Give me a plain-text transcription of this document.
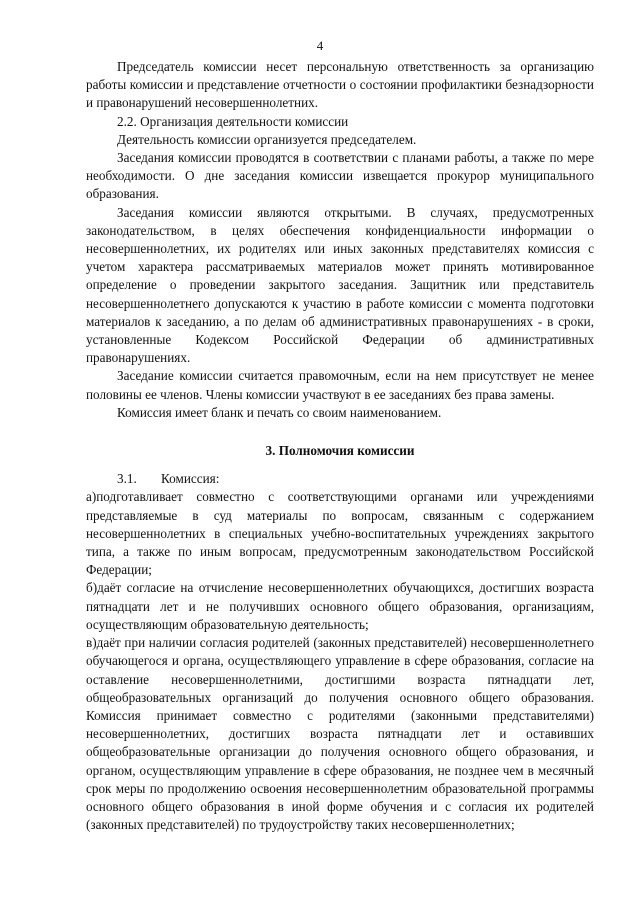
4

Председатель комиссии несет персональную ответственность за организацию работы комиссии и представление отчетности о состоянии профилактики безнадзорности и правонарушений несовершеннолетних.

2.2. Организация деятельности комиссии

Деятельность комиссии организуется председателем.

Заседания комиссии проводятся в соответствии с планами работы, а также по мере необходимости. О дне заседания комиссии извещается прокурор муниципального образования.

Заседания комиссии являются открытыми. В случаях, предусмотренных законодательством, в целях обеспечения конфиденциальности информации о несовершеннолетних, их родителях или иных законных представителях комиссия с учетом характера рассматриваемых материалов может принять мотивированное определение о проведении закрытого заседания. Защитник или представитель несовершеннолетнего допускаются к участию в работе комиссии с момента подготовки материалов к заседанию, а по делам об административных правонарушениях - в сроки, установленные Кодексом Российской Федерации об административных правонарушениях.

Заседание комиссии считается правомочным, если на нем присутствует не менее половины ее членов. Члены комиссии участвуют в ее заседаниях без права замены.

Комиссия имеет бланк и печать со своим наименованием.

3. Полномочия комиссии

3.1. Комиссия:

а)подготавливает совместно с соответствующими органами или учреждениями представляемые в суд материалы по вопросам, связанным с содержанием несовершеннолетних в специальных учебно-воспитательных учреждениях закрытого типа, а также по иным вопросам, предусмотренным законодательством Российской Федерации;

б)даёт согласие на отчисление несовершеннолетних обучающихся, достигших возраста пятнадцати лет и не получивших основного общего образования, организациям, осуществляющим образовательную деятельность;

в)даёт при наличии согласия родителей (законных представителей) несовершеннолетнего обучающегося и органа, осуществляющего управление в сфере образования, согласие на оставление несовершеннолетними, достигшими возраста пятнадцати лет, общеобразовательных организаций до получения основного общего образования. Комиссия принимает совместно с родителями (законными представителями) несовершеннолетних, достигших возраста пятнадцати лет и оставивших общеобразовательные организации до получения основного общего образования, и органом, осуществляющим управление в сфере образования, не позднее чем в месячный срок меры по продолжению освоения несовершеннолетним образовательной программы основного общего образования в иной форме обучения и с согласия их родителей (законных представителей) по трудоустройству таких несовершеннолетних;
